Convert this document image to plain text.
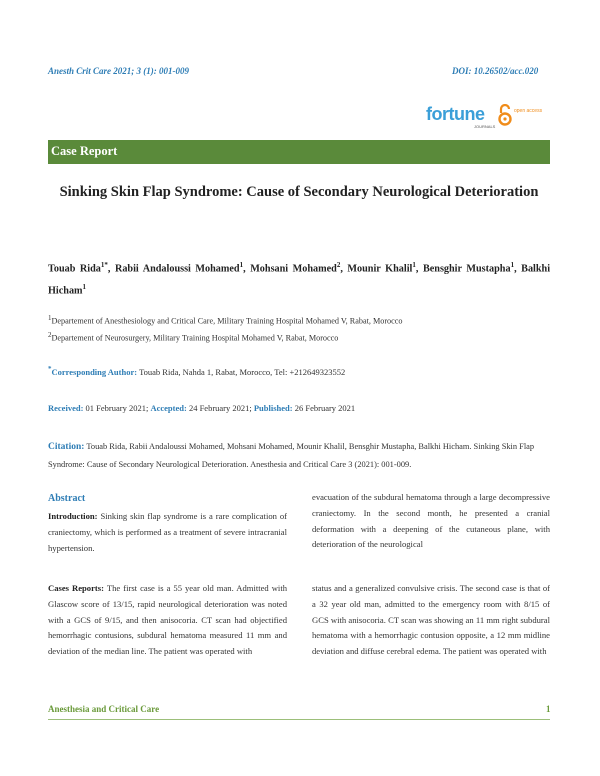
Anesth Crit Care 2021; 3 (1): 001-009	DOI: 10.26502/acc.020
fortune
JOURNALS
open access
Case Report
Sinking Skin Flap Syndrome: Cause of Secondary Neurological Deterioration
Touab Rida$^{1*}$, Rabii Andaloussi Mohamed$^1$, Mohsani Mohamed$^2$, Mounir Khalil$^1$, Bensghir Mustapha$^1$, Balkhi Hicham$^1$
$^1$Departement of Anesthesiology and Critical Care, Military Training Hospital Mohamed V, Rabat, Morocco
$^2$Departement of Neurosurgery, Military Training Hospital Mohamed V, Rabat, Morocco
*Corresponding Author: Touab Rida, Nahda 1, Rabat, Morocco, Tel: +212649323552
Received: 01 February 2021; Accepted: 24 February 2021; Published: 26 February 2021
Citation: Touab Rida, Rabii Andaloussi Mohamed, Mohsani Mohamed, Mounir Khalil, Bensghir Mustapha, Balkhi Hicham. Sinking Skin Flap Syndrome: Cause of Secondary Neurological Deterioration. Anesthesia and Critical Care 3 (2021): 001-009.
Abstract
Introduction: Sinking skin flap syndrome is a rare complication of craniectomy, which is performed as a treatment of severe intracranial hypertension.
Cases Reports: The first case is a 55 year old man. Admitted with Glascow score of 13/15, rapid neurological deterioration was noted with a GCS of 9/15, and then anisocoria. CT scan had objectified hemorrhagic contusions, subdural hematoma measured 11 mm and deviation of the median line. The patient was operated with
evacuation of the subdural hematoma through a large decompressive craniectomy. In the second month, he presented a cranial deformation with a deepening of the cutaneous plane, with deterioration of the neurological
status and a generalized convulsive crisis. The second case is that of a 32 year old man, admitted to the emergency room with 8/15 of GCS with anisocoria. CT scan was showing an 11 mm right subdural hematoma with a hemorrhagic contusion opposite, a 12 mm midline deviation and diffuse cerebral edema. The patient was operated with
Anesthesia and Critical Care	1
